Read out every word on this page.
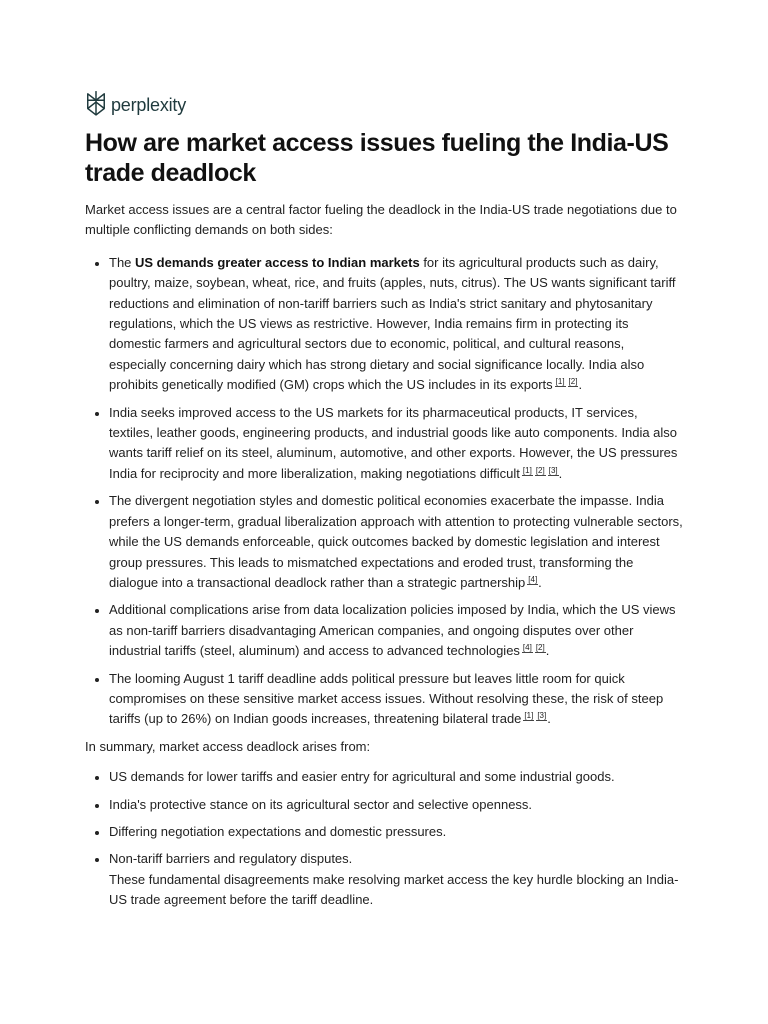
perplexity
How are market access issues fueling the India-US trade deadlock

Market access issues are a central factor fueling the deadlock in the India-US trade negotiations due to multiple conflicting demands on both sides:

• The US demands greater access to Indian markets for its agricultural products such as dairy, poultry, maize, soybean, wheat, rice, and fruits (apples, nuts, citrus). The US wants significant tariff reductions and elimination of non-tariff barriers such as India's strict sanitary and phytosanitary regulations, which the US views as restrictive. However, India remains firm in protecting its domestic farmers and agricultural sectors due to economic, political, and cultural reasons, especially concerning dairy which has strong dietary and social significance locally. India also prohibits genetically modified (GM) crops which the US includes in its exports [1] [2].
• India seeks improved access to the US markets for its pharmaceutical products, IT services, textiles, leather goods, engineering products, and industrial goods like auto components. India also wants tariff relief on its steel, aluminum, automotive, and other exports. However, the US pressures India for reciprocity and more liberalization, making negotiations difficult [1] [2] [3].
• The divergent negotiation styles and domestic political economies exacerbate the impasse. India prefers a longer-term, gradual liberalization approach with attention to protecting vulnerable sectors, while the US demands enforceable, quick outcomes backed by domestic legislation and interest group pressures. This leads to mismatched expectations and eroded trust, transforming the dialogue into a transactional deadlock rather than a strategic partnership [4].
• Additional complications arise from data localization policies imposed by India, which the US views as non-tariff barriers disadvantaging American companies, and ongoing disputes over other industrial tariffs (steel, aluminum) and access to advanced technologies [4] [2].
• The looming August 1 tariff deadline adds political pressure but leaves little room for quick compromises on these sensitive market access issues. Without resolving these, the risk of steep tariffs (up to 26%) on Indian goods increases, threatening bilateral trade [1] [3].

In summary, market access deadlock arises from:

• US demands for lower tariffs and easier entry for agricultural and some industrial goods.
• India's protective stance on its agricultural sector and selective openness.
• Differing negotiation expectations and domestic pressures.
• Non-tariff barriers and regulatory disputes.
These fundamental disagreements make resolving market access the key hurdle blocking an India-US trade agreement before the tariff deadline.
